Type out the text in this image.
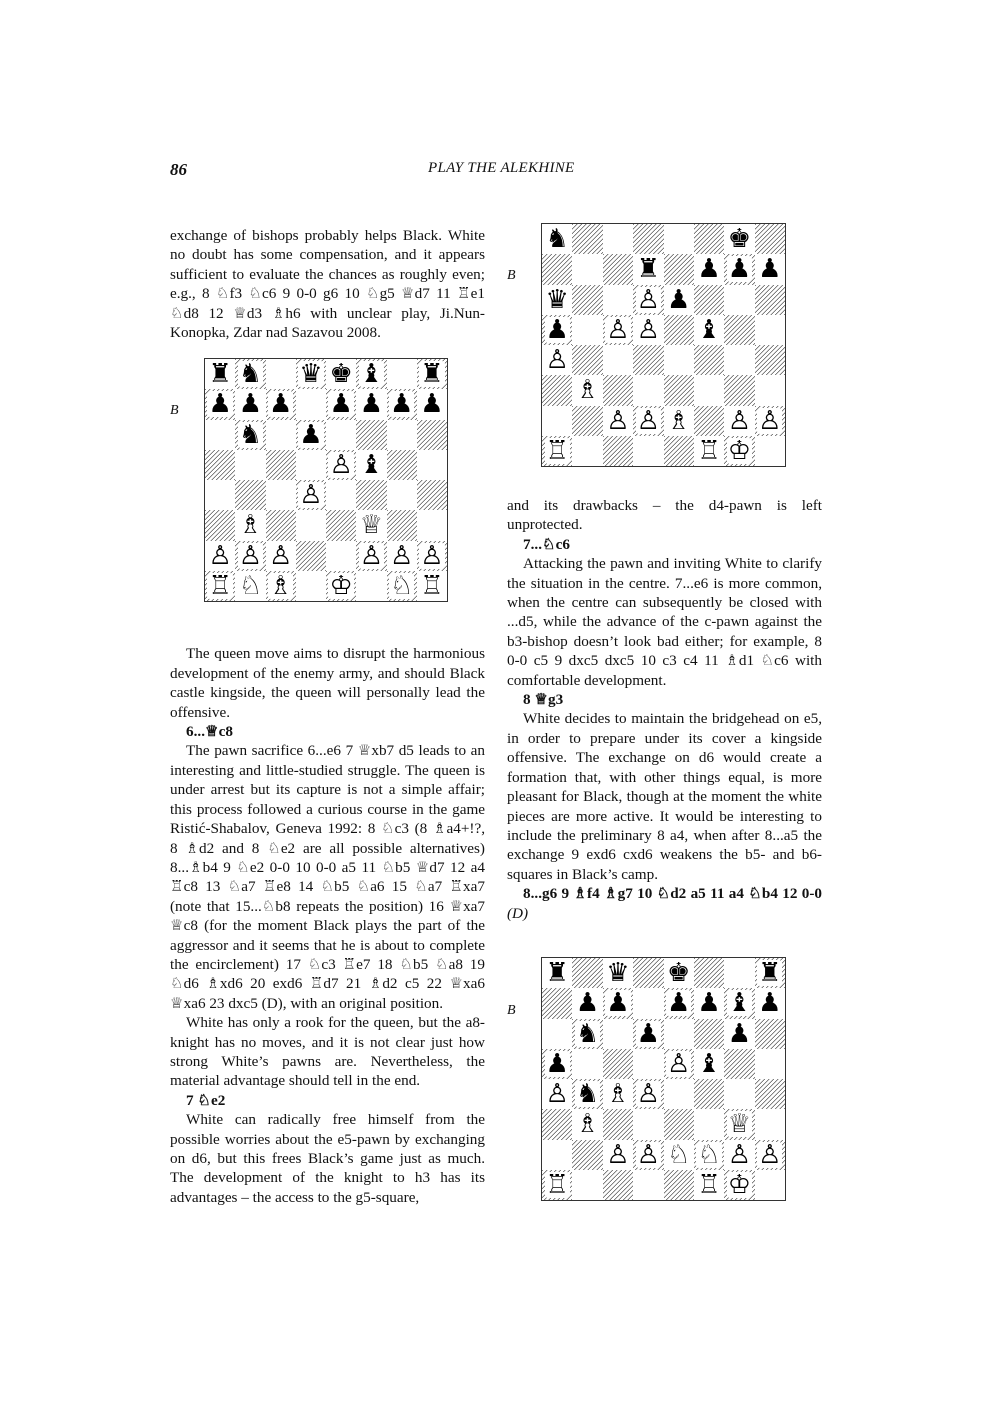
86	PLAY THE ALEKHINE

exchange of bishops probably helps Black. White no doubt has some compensation, and it appears sufficient to evaluate the chances as roughly even; e.g., 8 ♘f3 ♘c6 9 0-0 g6 10 ♘g5 ♕d7 11 ♖e1 ♘d8 12 ♕d3 ♗h6 with unclear play, Ji.Nun-Konopka, Zdar nad Sazavou 2008.

The queen move aims to disrupt the harmonious development of the enemy army, and should Black castle kingside, the queen will personally lead the offensive.

6...♕c8

The pawn sacrifice 6...e6 7 ♕xb7 d5 leads to an interesting and little-studied struggle. The queen is under arrest but its capture is not a simple affair; this process followed a curious course in the game Ristić-Shabalov, Geneva 1992: 8 ♘c3 (8 ♗a4+!?, 8 ♗d2 and 8 ♘e2 are all possible alternatives) 8...♗b4 9 ♘e2 0-0 10 0-0 a5 11 ♘b5 ♕d7 12 a4 ♖c8 13 ♘a7 ♖e8 14 ♘b5 ♘a6 15 ♘a7 ♖xa7 (note that 15...♘b8 repeats the position) 16 ♕xa7 ♕c8 (for the moment Black plays the part of the aggressor and it seems that he is about to complete the encirclement) 17 ♘c3 ♖e7 18 ♘b5 ♘a8 19 ♘d6 ♗xd6 20 exd6 ♖d7 21 ♗d2 c5 22 ♕xa6 ♕xa6 23 dxc5 (D), with an original position.

White has only a rook for the queen, but the a8-knight has no moves, and it is not clear just how strong White’s pawns are. Nevertheless, the material advantage should tell in the end.

7 ♘e2

White can radically free himself from the possible worries about the e5-pawn by exchanging on d6, but this frees Black’s game just as much. The development of the knight to h3 has its advantages – the access to the g5-square,

and its drawbacks – the d4-pawn is left unprotected.

7...♘c6

Attacking the pawn and inviting White to clarify the situation in the centre. 7...e6 is more common, when the centre can subsequently be closed with ...d5, while the advance of the c-pawn against the b3-bishop doesn’t look bad either; for example, 8 0-0 c5 9 dxc5 dxc5 10 c3 c4 11 ♗d1 ♘c6 with comfortable development.

8 ♕g3

White decides to maintain the bridgehead on e5, in order to prepare under its cover a kingside offensive. The exchange on d6 would create a formation that, with other things equal, is more pleasant for Black, though at the moment the white pieces are more active. It would be interesting to include the preliminary 8 a4, when after 8...a5 the exchange 9 exd6 cxd6 weakens the b5- and b6-squares in Black’s camp.

8...g6 9 ♗f4 ♗g7 10 ♘d2 a5 11 a4 ♘b4 12 0-0 (D)

B
♜ ♞ ♛ ♚ ♝ ♜
♟ ♟ ♟ ♟ ♟ ♟ ♟
♞ ♟
♙ ♝
♙
♗	♕
♙ ♙ ♙	♙ ♙ ♙
♖ ♘ ♗ ♔ ♘ ♖
B
♞	♚
♜ ♟ ♟ ♟
♛	♙ ♟
♟ ♙ ♙ ♝
♙
♗
♙ ♙ ♗ ♙ ♙
♖	♖ ♔
B
♜ ♛ ♚	♜
♟ ♟ ♟ ♟ ♝ ♟
♞ ♟	♟
♟	♙ ♝
♙ ♞ ♗ ♙
♗	♕
♙ ♙ ♘ ♘ ♙ ♙
♖	♖ ♔
